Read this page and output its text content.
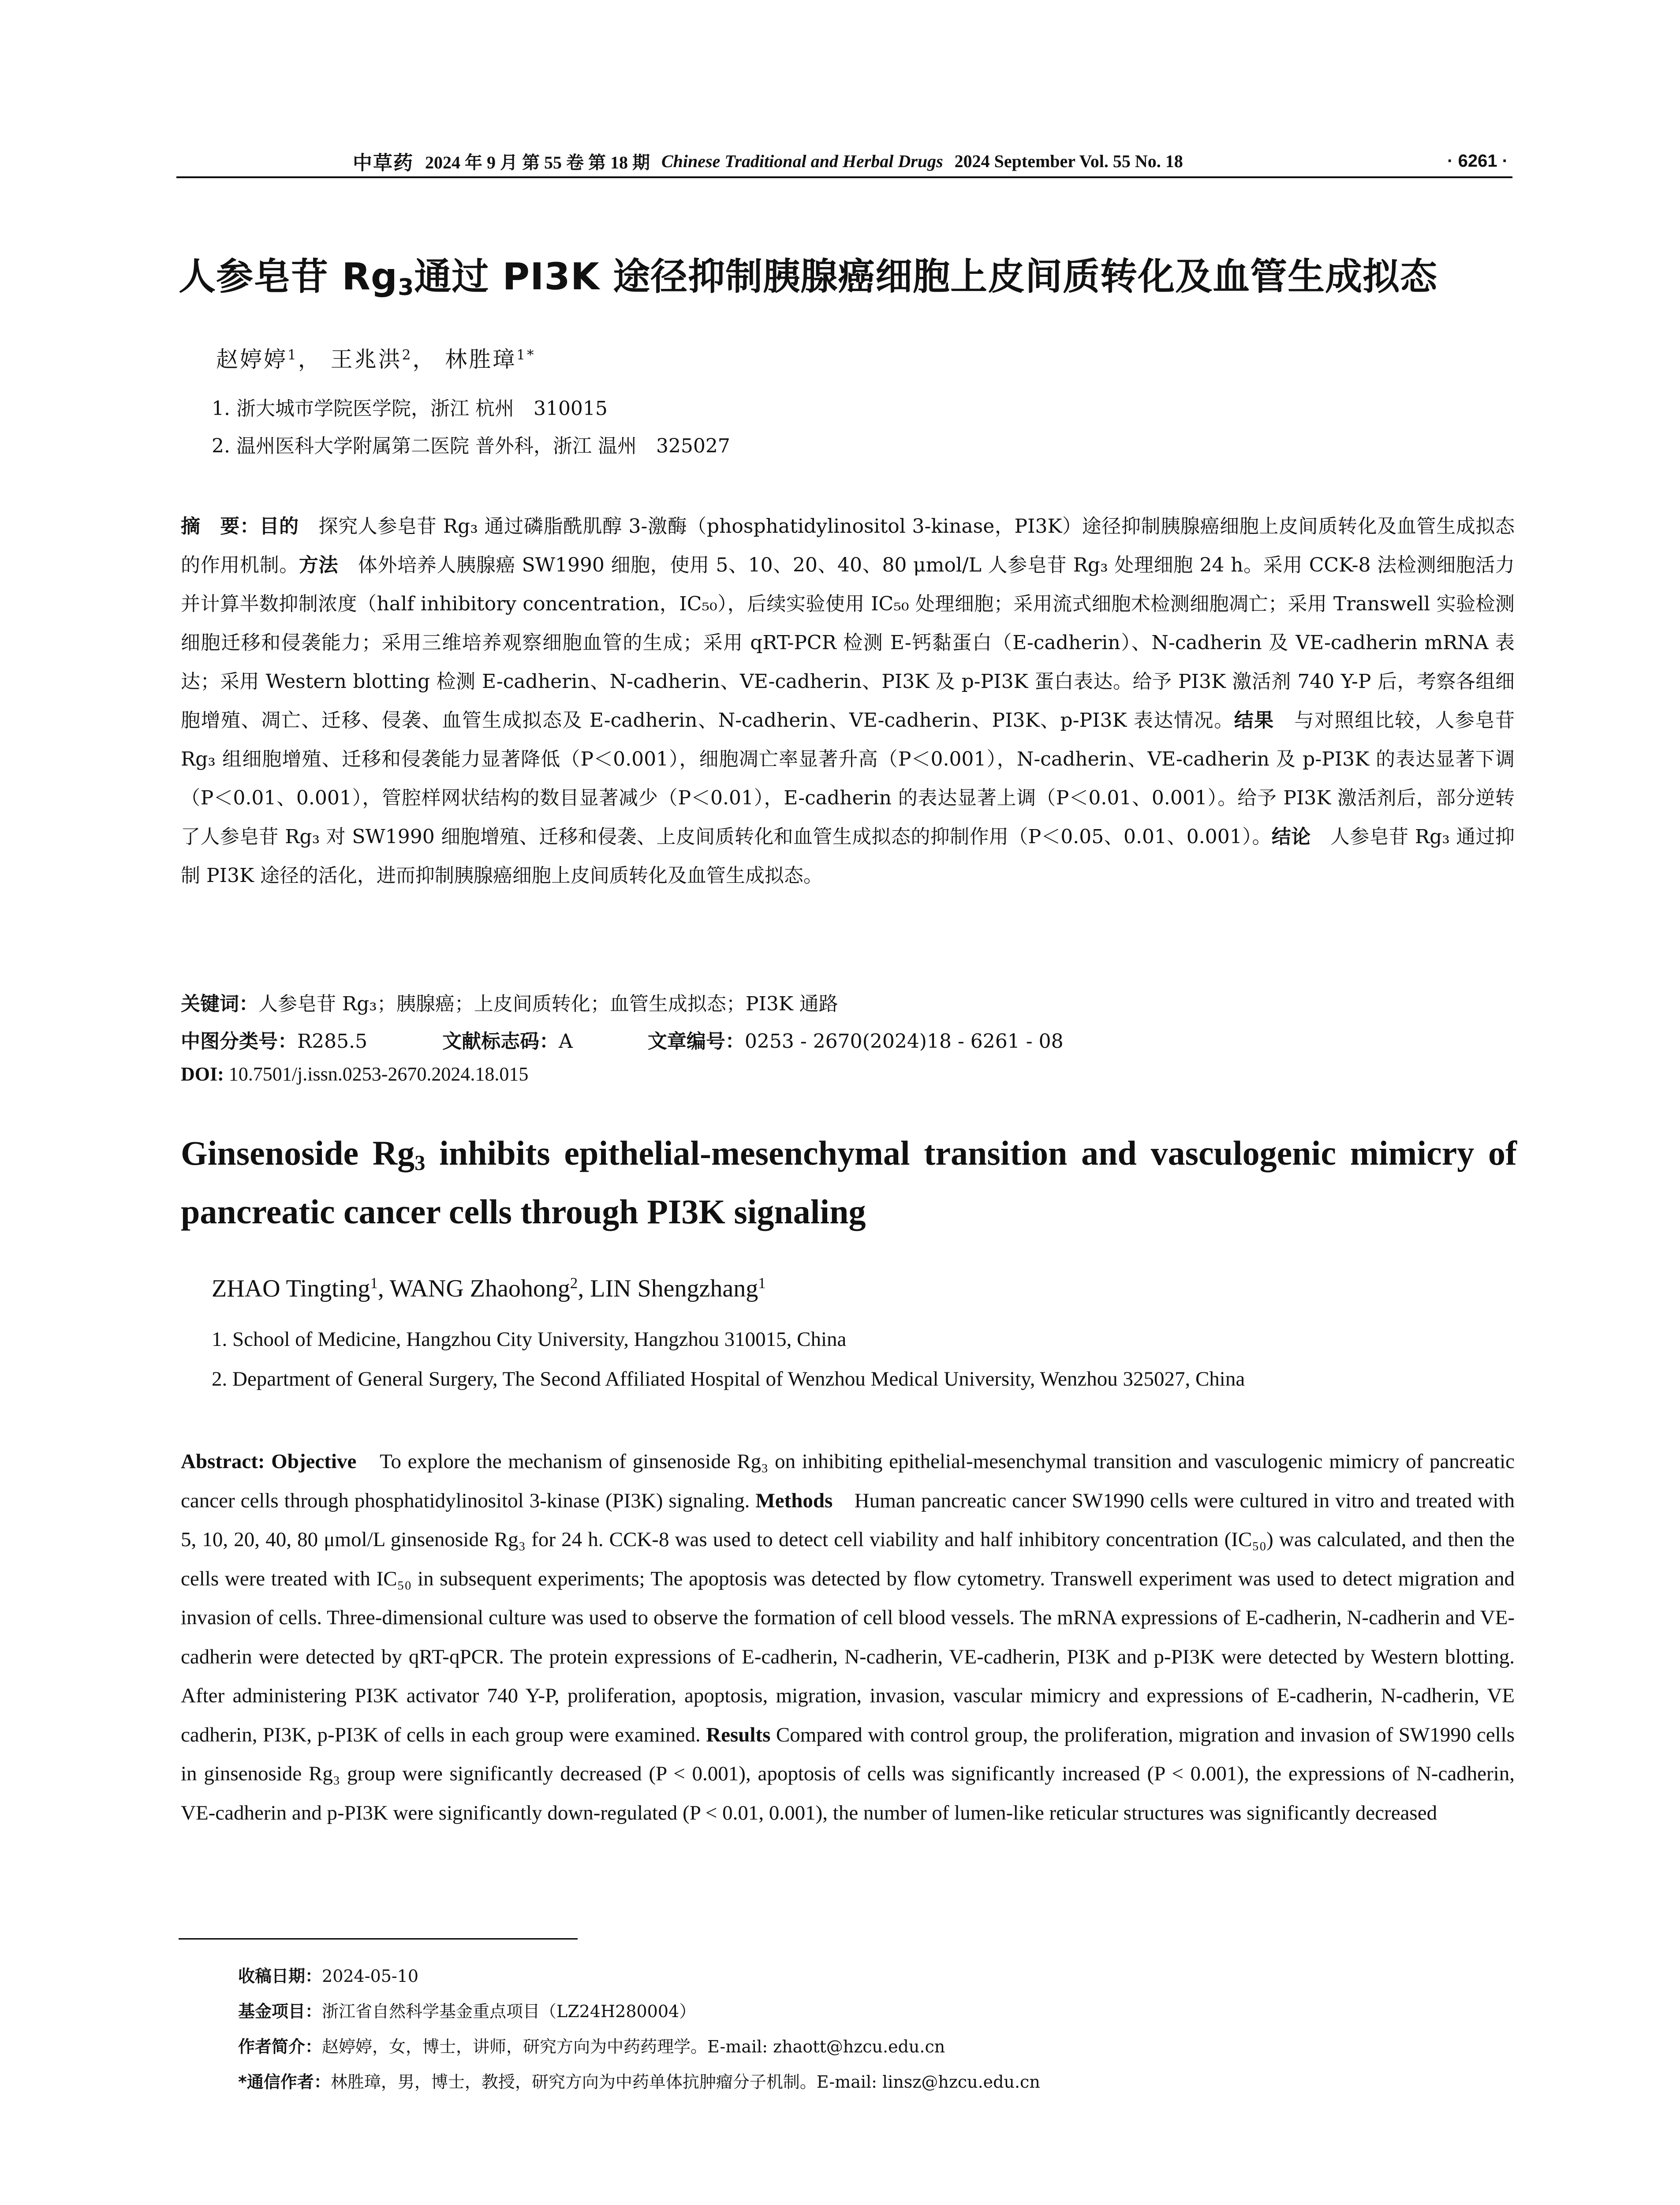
中草药 2024 年 9 月 第 55 卷 第 18 期 Chinese Traditional and Herbal Drugs 2024 September Vol. 55 No. 18	· 6261 ·
人参皂苷 $Rg_3$通过 PI3K 途径抑制胰腺癌细胞上皮间质转化及血管生成拟态
赵婷婷$^1$， 王兆洪$^2$， 林胜璋$^{1*}$
1. 浙大城市学院医学院，浙江 杭州　310015
2. 温州医科大学附属第二医院 普外科，浙江 温州　325027
摘　要：目的　探究人参皂苷 Rg₃ 通过磷脂酰肌醇 3-激酶（phosphatidylinositol 3-kinase，PI3K）途径抑制胰腺癌细胞上皮间质转化及血管生成拟态的作用机制。方法　体外培养人胰腺癌 SW1990 细胞，使用 5、10、20、40、80 μmol/L 人参皂苷 Rg₃ 处理细胞 24 h。采用 CCK-8 法检测细胞活力并计算半数抑制浓度（half inhibitory concentration，IC₅₀），后续实验使用 IC₅₀ 处理细胞；采用流式细胞术检测细胞凋亡；采用 Transwell 实验检测细胞迁移和侵袭能力；采用三维培养观察细胞血管的生成；采用 qRT-PCR 检测 E-钙黏蛋白（E-cadherin）、N-cadherin 及 VE-cadherin mRNA 表达；采用 Western blotting 检测 E-cadherin、N-cadherin、VE-cadherin、PI3K 及 p-PI3K 蛋白表达。给予 PI3K 激活剂 740 Y-P 后，考察各组细胞增殖、凋亡、迁移、侵袭、血管生成拟态及 E-cadherin、N-cadherin、VE-cadherin、PI3K、p-PI3K 表达情况。结果　与对照组比较，人参皂苷 Rg₃ 组细胞增殖、迁移和侵袭能力显著降低（P＜0.001），细胞凋亡率显著升高（P＜0.001），N-cadherin、VE-cadherin 及 p-PI3K 的表达显著下调（P＜0.01、0.001），管腔样网状结构的数目显著减少（P＜0.01），E-cadherin 的表达显著上调（P＜0.01、0.001）。给予 PI3K 激活剂后，部分逆转了人参皂苷 Rg₃ 对 SW1990 细胞增殖、迁移和侵袭、上皮间质转化和血管生成拟态的抑制作用（P＜0.05、0.01、0.001）。结论　人参皂苷 Rg₃ 通过抑制 PI3K 途径的活化，进而抑制胰腺癌细胞上皮间质转化及血管生成拟态。
关键词：人参皂苷 Rg₃；胰腺癌；上皮间质转化；血管生成拟态；PI3K 通路
中图分类号：R285.5	文献标志码：A	文章编号：0253 - 2670(2024)18 - 6261 - 08
DOI: 10.7501/j.issn.0253-2670.2024.18.015
Ginsenoside $Rg_3$ inhibits epithelial-mesenchymal transition and vasculogenic mimicry of pancreatic cancer cells through PI3K signaling
ZHAO Tingting$^1$, WANG Zhaohong$^2$, LIN Shengzhang$^1$
1. School of Medicine, Hangzhou City University, Hangzhou 310015, China
2. Department of General Surgery, The Second Affiliated Hospital of Wenzhou Medical University, Wenzhou 325027, China
Abstract: Objective　To explore the mechanism of ginsenoside Rg₃ on inhibiting epithelial-mesenchymal transition and vasculogenic mimicry of pancreatic cancer cells through phosphatidylinositol 3-kinase (PI3K) signaling. Methods　Human pancreatic cancer SW1990 cells were cultured in vitro and treated with 5, 10, 20, 40, 80 μmol/L ginsenoside Rg₃ for 24 h. CCK-8 was used to detect cell viability and half inhibitory concentration (IC₅₀) was calculated, and then the cells were treated with IC₅₀ in subsequent experiments; The apoptosis was detected by flow cytometry. Transwell experiment was used to detect migration and invasion of cells. Three-dimensional culture was used to observe the formation of cell blood vessels. The mRNA expressions of E-cadherin, N-cadherin and VE-cadherin were detected by qRT-qPCR. The protein expressions of E-cadherin, N-cadherin, VE-cadherin, PI3K and p-PI3K were detected by Western blotting. After administering PI3K activator 740 Y-P, proliferation, apoptosis, migration, invasion, vascular mimicry and expressions of E-cadherin, N-cadherin, VE cadherin, PI3K, p-PI3K of cells in each group were examined. Results Compared with control group, the proliferation, migration and invasion of SW1990 cells in ginsenoside Rg₃ group were significantly decreased (P < 0.001), apoptosis of cells was significantly increased (P < 0.001), the expressions of N-cadherin, VE-cadherin and p-PI3K were significantly down-regulated (P < 0.01, 0.001), the number of lumen-like reticular structures was significantly decreased
收稿日期：2024-05-10
基金项目：浙江省自然科学基金重点项目（LZ24H280004）
作者简介：赵婷婷，女，博士，讲师，研究方向为中药药理学。E-mail: zhaott@hzcu.edu.cn
*通信作者：林胜璋，男，博士，教授，研究方向为中药单体抗肿瘤分子机制。E-mail: linsz@hzcu.edu.cn
